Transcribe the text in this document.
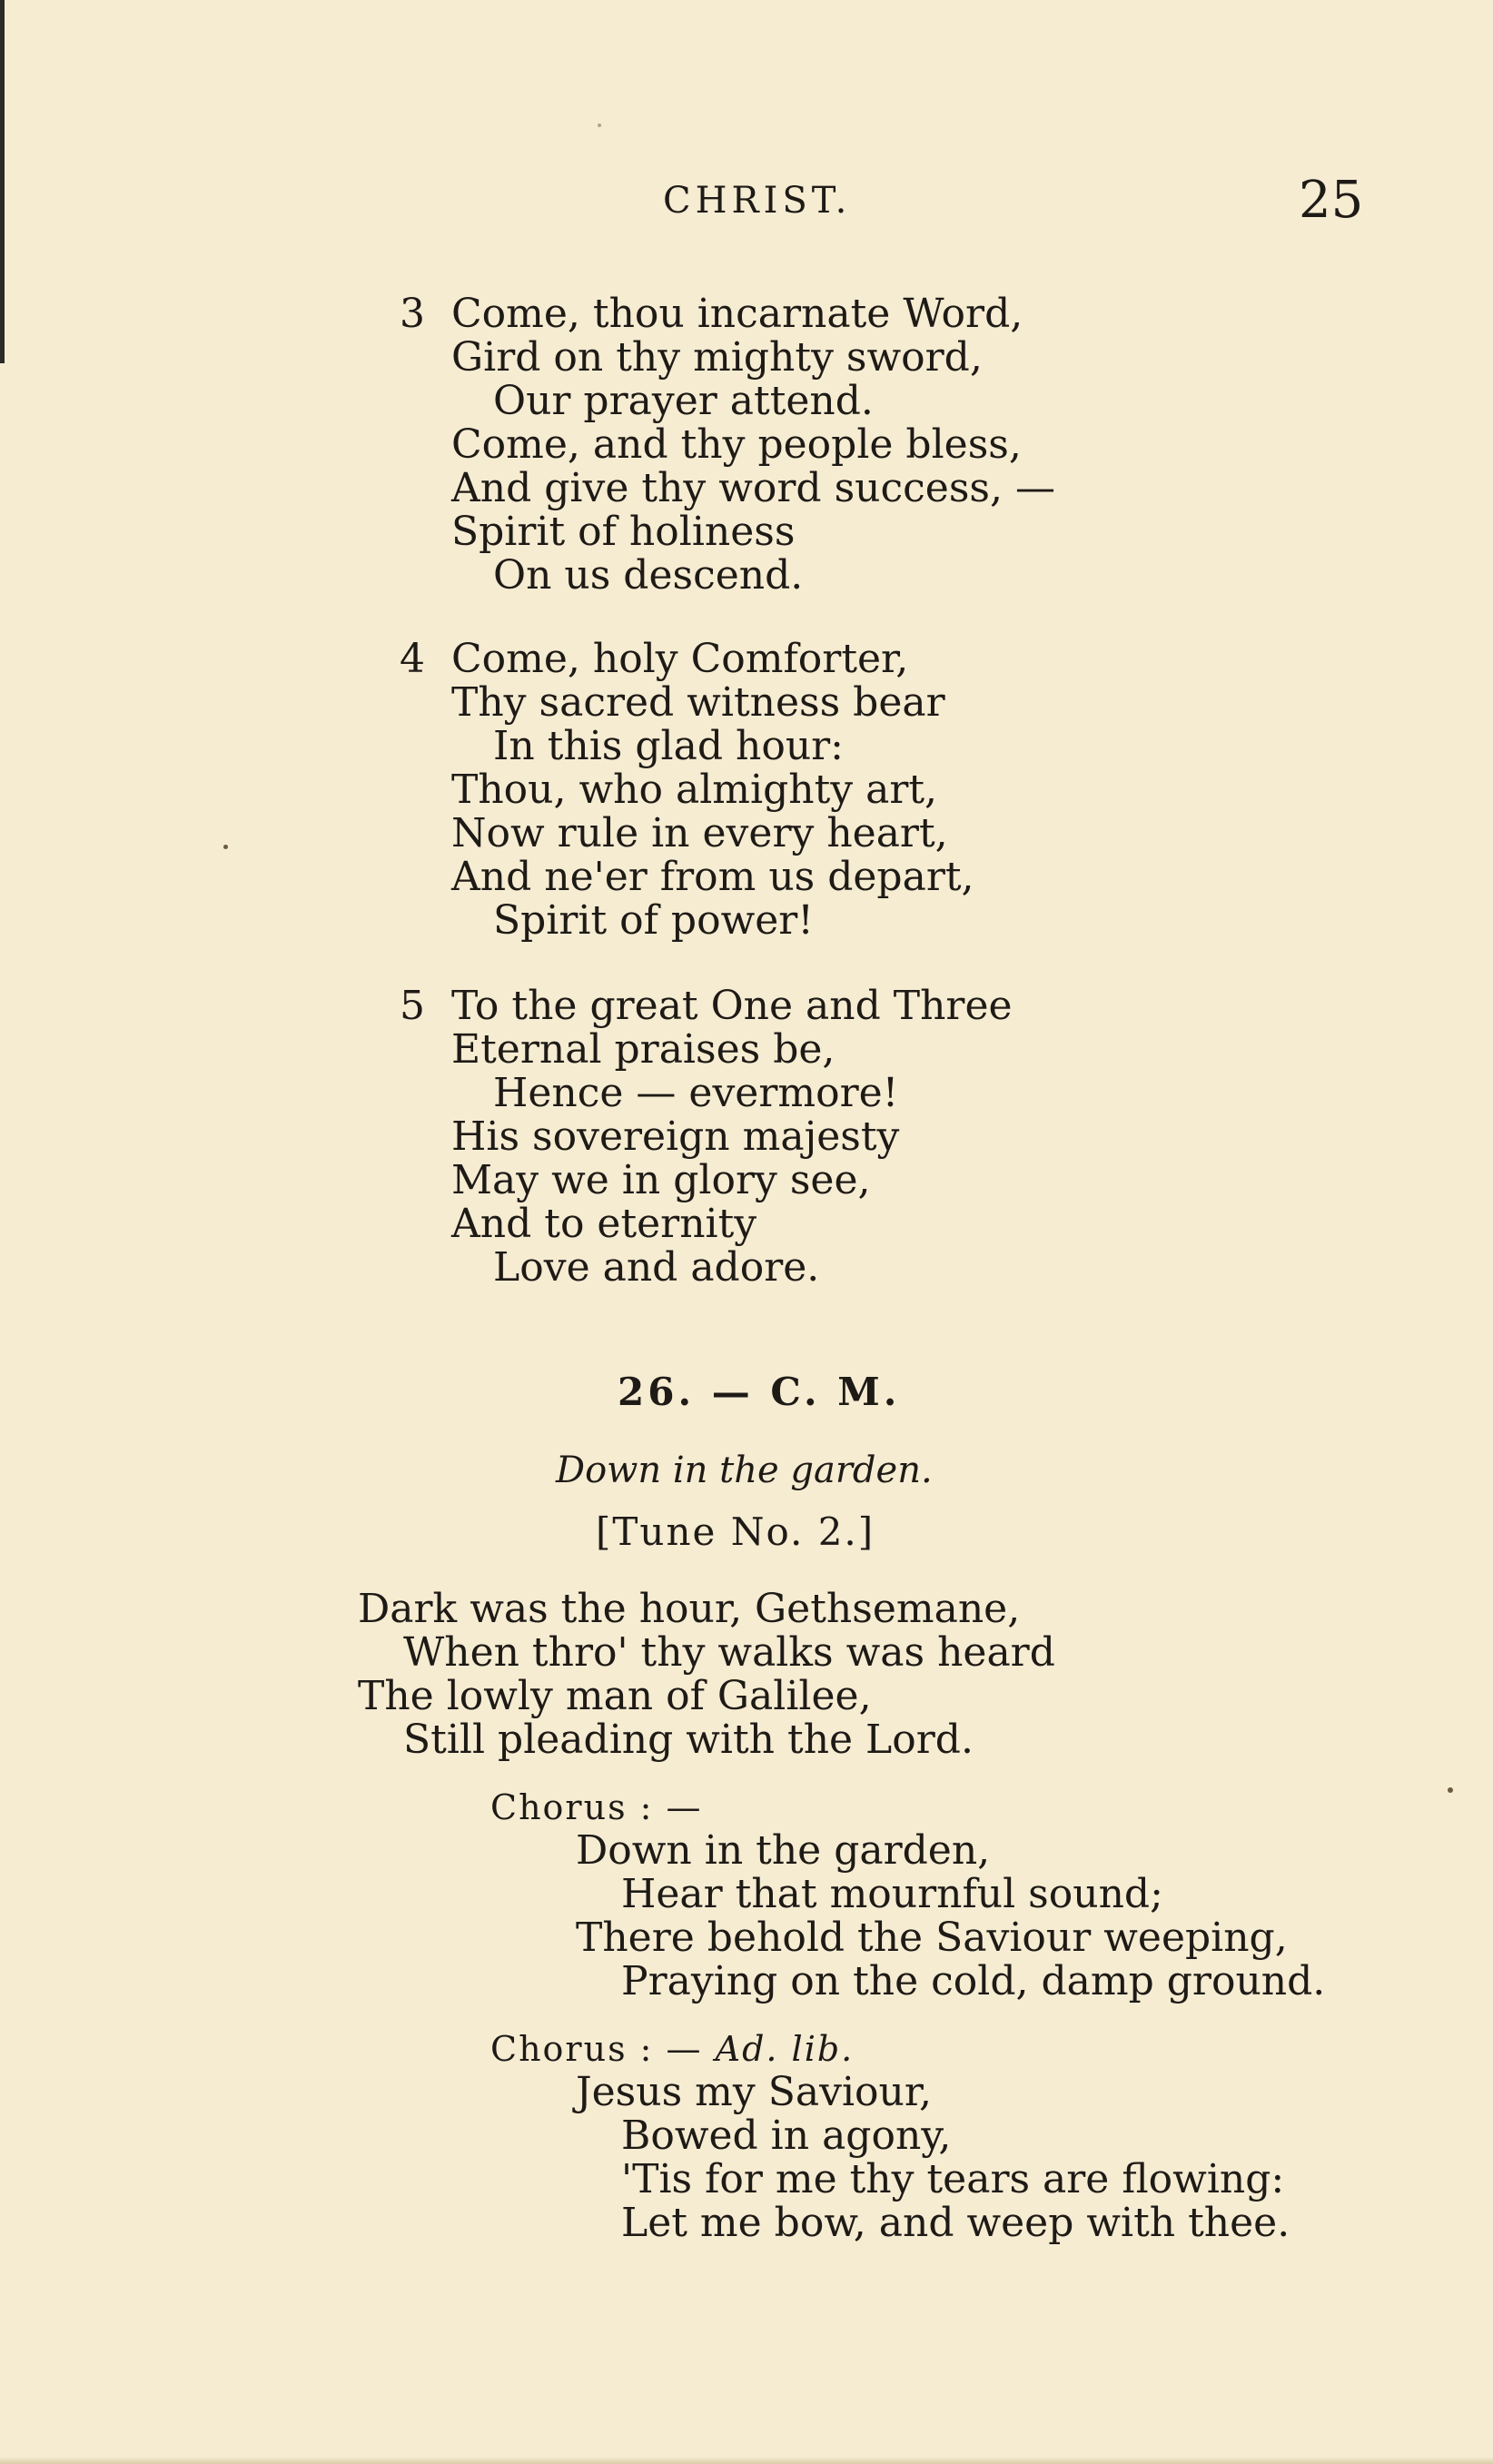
CHRIST.	25
3 Come, thou incarnate Word,
Gird on thy mighty sword,
Our prayer attend.
Come, and thy people bless,
And give thy word success, —
Spirit of holiness
On us descend.
4 Come, holy Comforter,
Thy sacred witness bear
In this glad hour:
Thou, who almighty art,
Now rule in every heart,
And ne'er from us depart,
Spirit of power!
5 To the great One and Three
Eternal praises be,
Hence — evermore!
His sovereign majesty
May we in glory see,
And to eternity
Love and adore.
26. — C. M.
Down in the garden.
[Tune No. 2.]
Dark was the hour, Gethsemane,
When thro' thy walks was heard
The lowly man of Galilee,
Still pleading with the Lord.
Chorus : —
Down in the garden,
Hear that mournful sound;
There behold the Saviour weeping,
Praying on the cold, damp ground.
Chorus : — Ad. lib.
Jesus my Saviour,
Bowed in agony,
'Tis for me thy tears are flowing:
Let me bow, and weep with thee.
